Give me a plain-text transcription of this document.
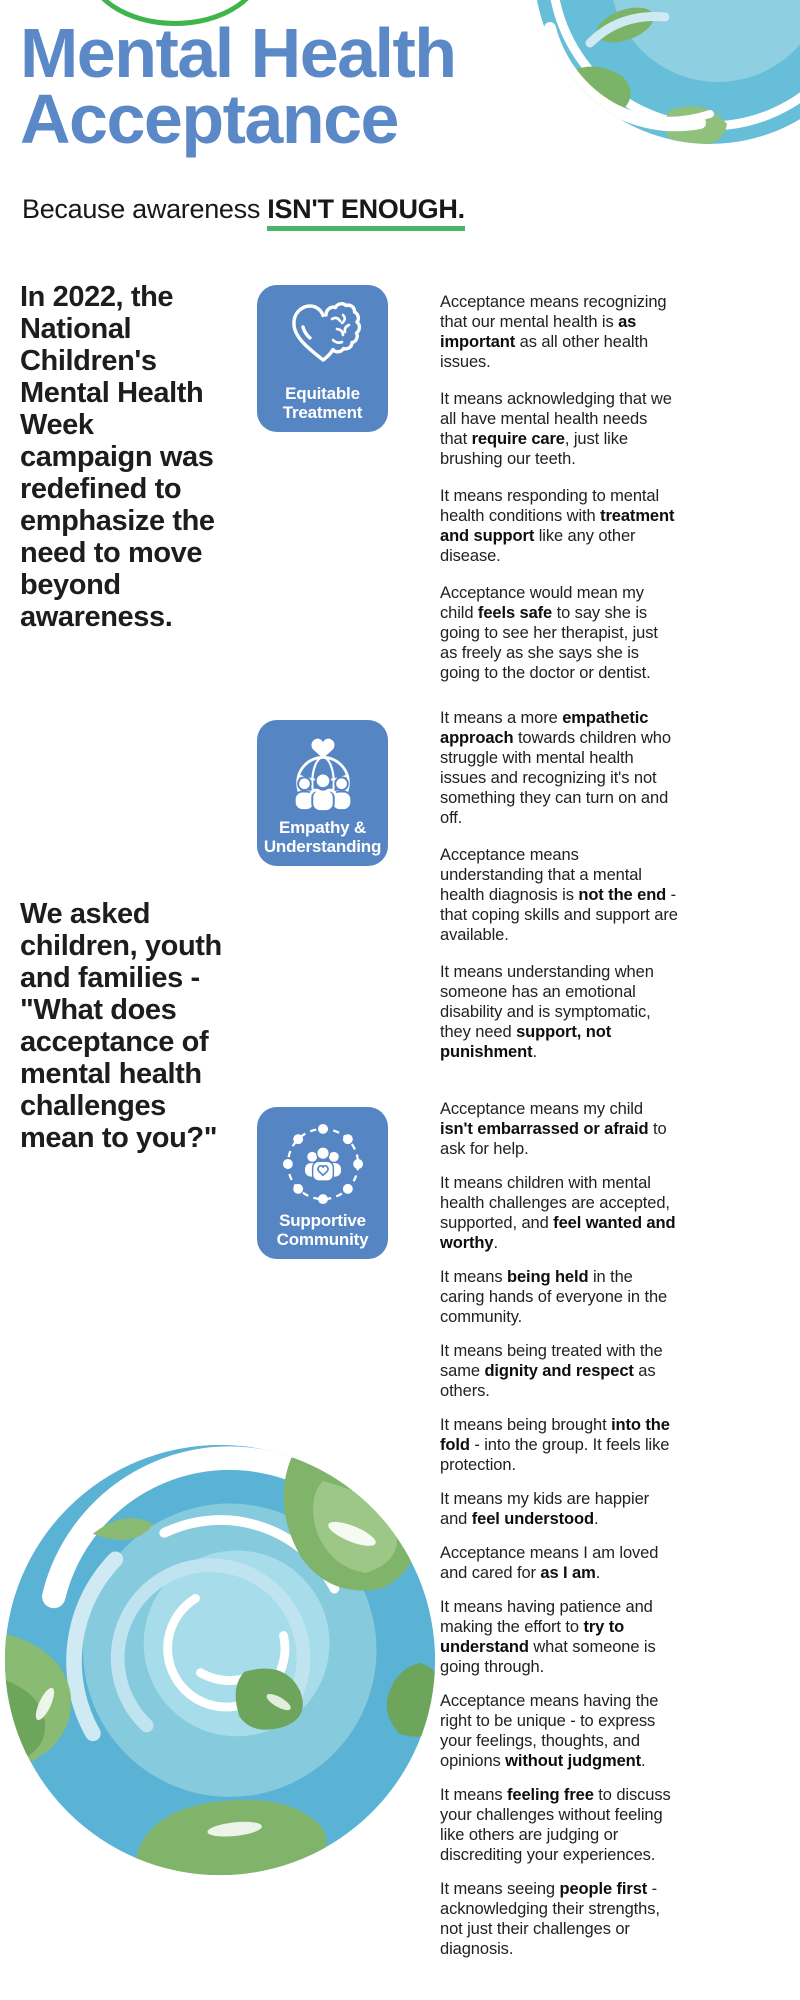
Mental Health
Acceptance
Because awareness ISN'T ENOUGH.
In 2022, the National Children's Mental Health Week campaign was redefined to emphasize the need to move beyond awareness.
We asked children, youth and families - "What does acceptance of mental health challenges mean to you?"
Equitable
Treatment
Empathy &
Understanding
Supportive
Community

Acceptance means recognizing that our mental health is as important as all other health issues.

It means acknowledging that we all have mental health needs that require care, just like brushing our teeth.

It means responding to mental health conditions with treatment and support like any other disease.

Acceptance would mean my child feels safe to say she is going to see her therapist, just as freely as she says she is going to the doctor or dentist.

It means a more empathetic approach towards children who struggle with mental health issues and recognizing it's not something they can turn on and off.

Acceptance means understanding that a mental health diagnosis is not the end - that coping skills and support are available.

It means understanding when someone has an emotional disability and is symptomatic, they need support, not punishment.

Acceptance means my child isn't embarrassed or afraid to ask for help.

It means children with mental health challenges are accepted, supported, and feel wanted and worthy.

It means being held in the caring hands of everyone in the community.

It means being treated with the same dignity and respect as others.

It means being brought into the fold - into the group. It feels like protection.

It means my kids are happier and feel understood.

Acceptance means I am loved and cared for as I am.

It means having patience and making the effort to try to understand what someone is going through.

Acceptance means having the right to be unique - to express your feelings, thoughts, and opinions without judgment.

It means feeling free to discuss your challenges without feeling like others are judging or discrediting your experiences.

It means seeing people first - acknowledging their strengths, not just their challenges or diagnosis.
